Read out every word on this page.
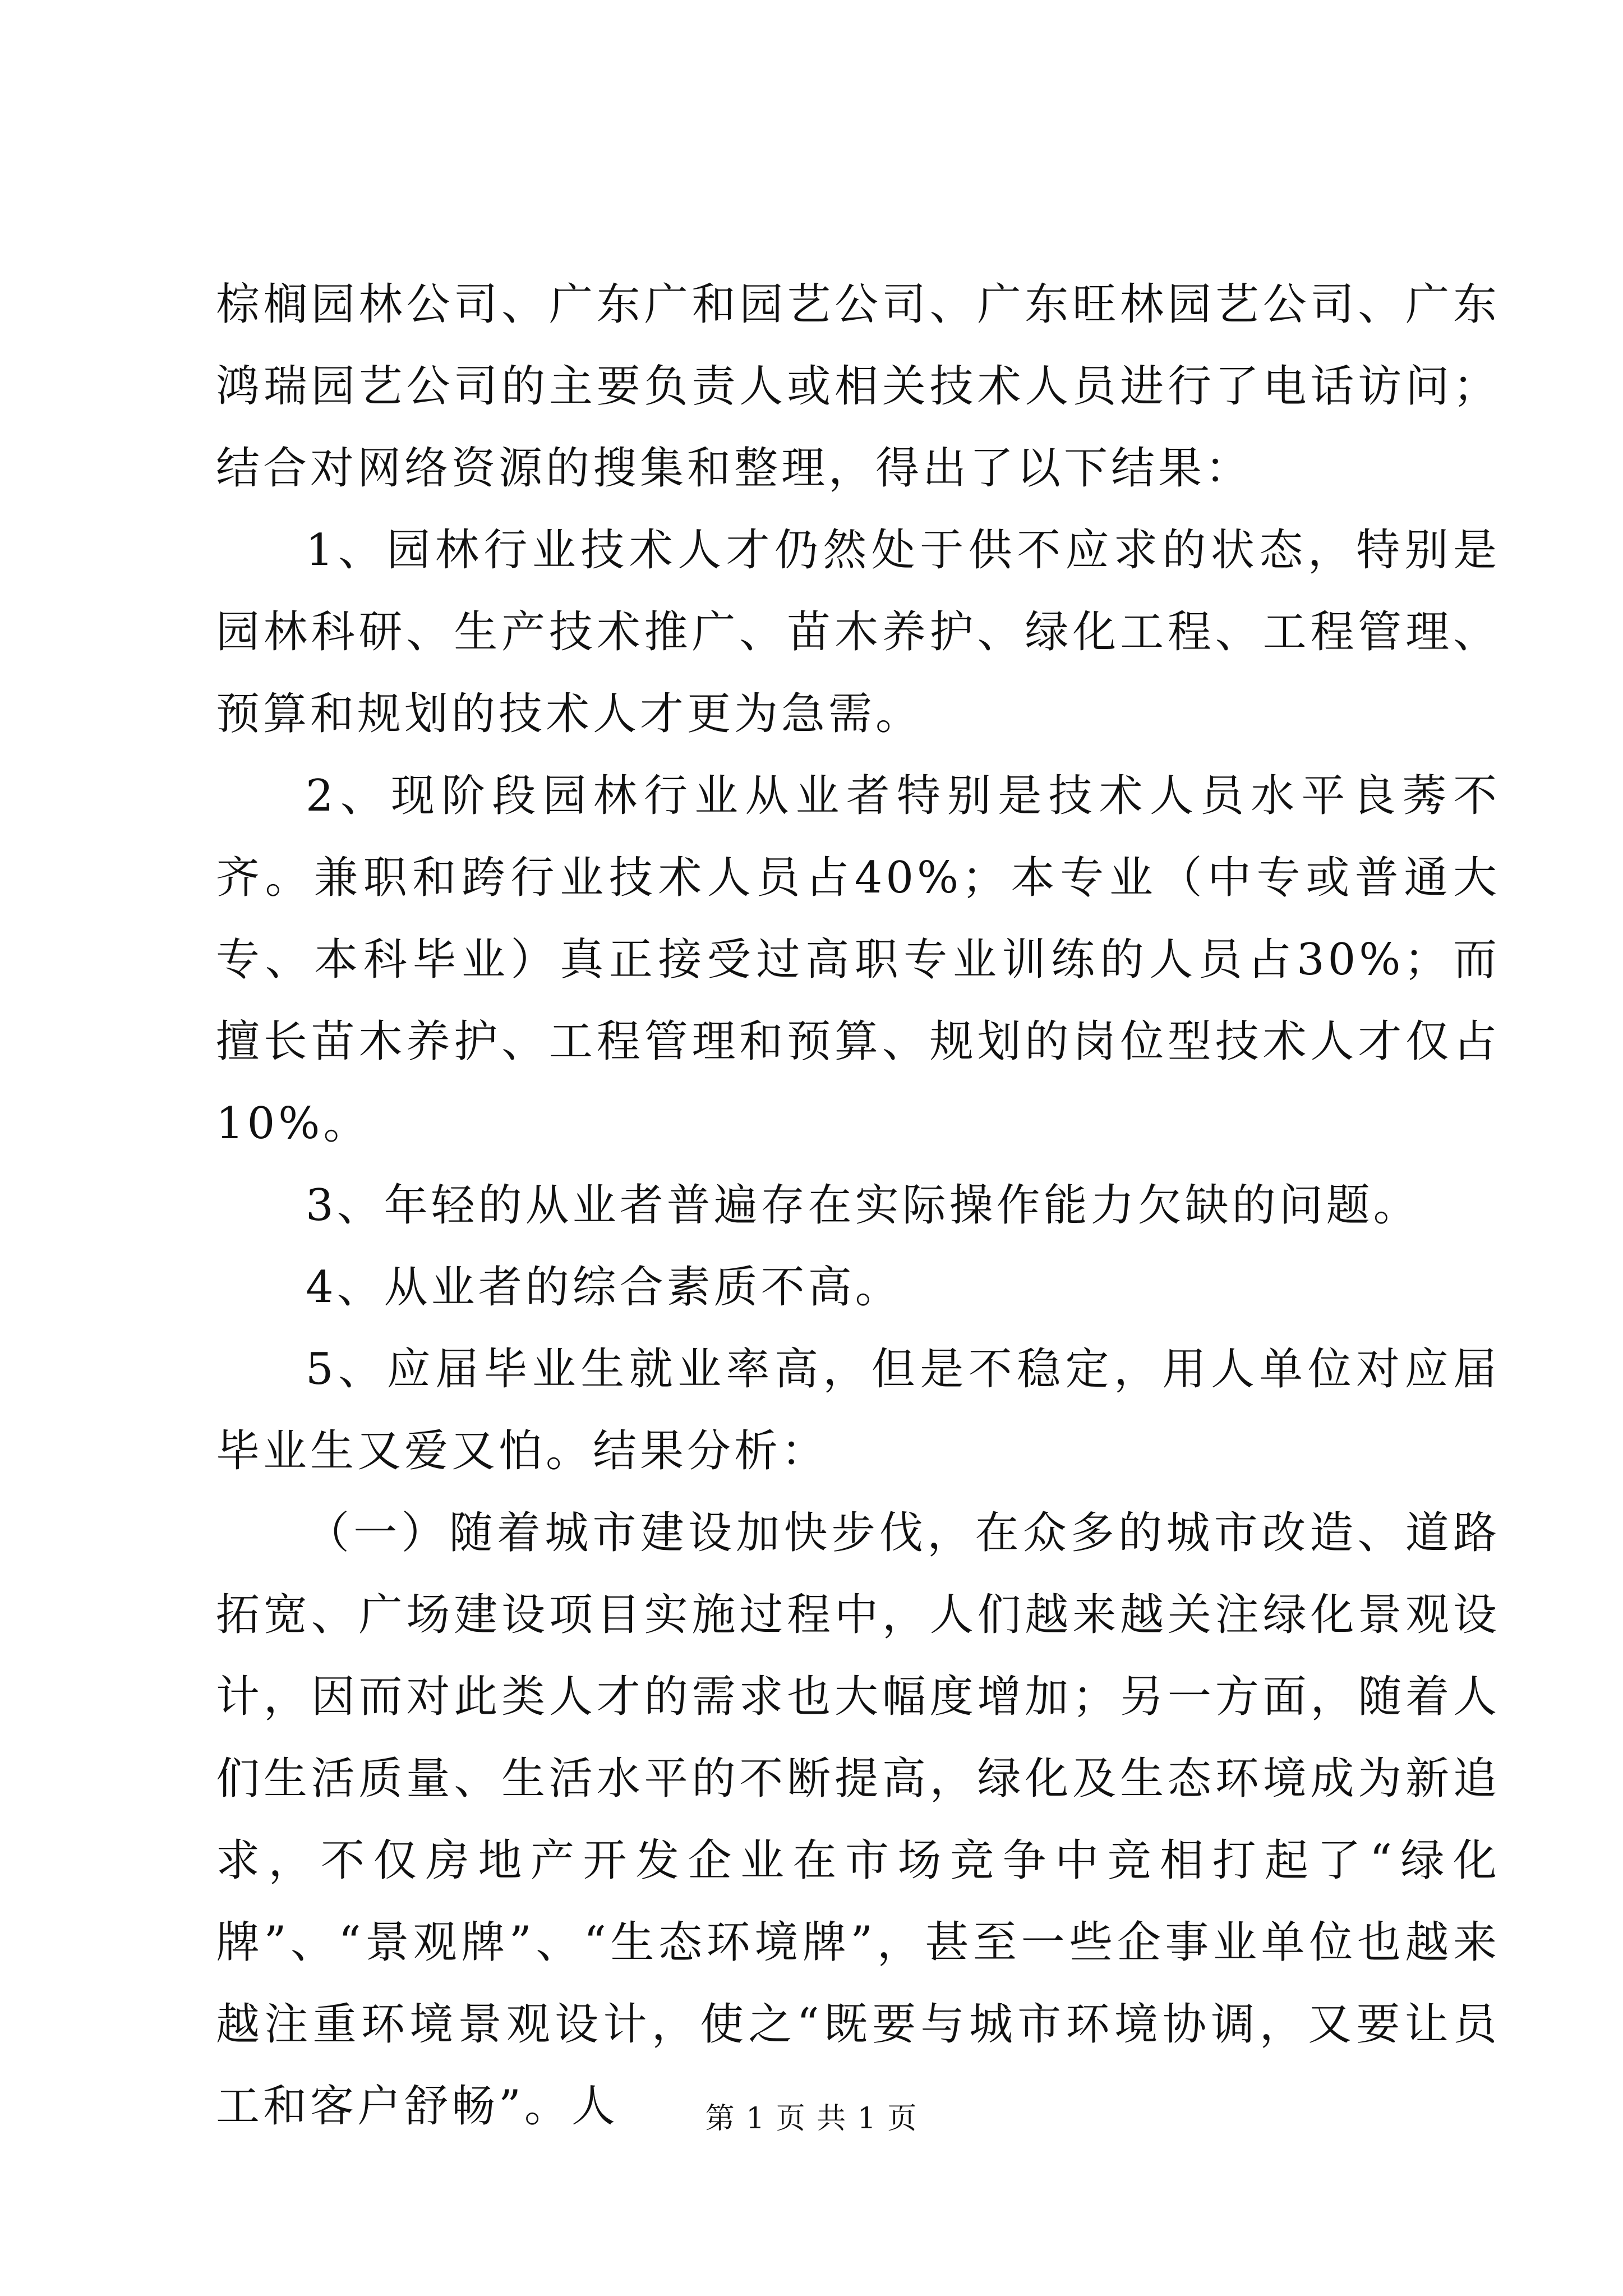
棕榈园林公司、广东广和园艺公司、广东旺林园艺公司、广东鸿瑞园艺公司的主要负责人或相关技术人员进行了电话访问；结合对网络资源的搜集和整理，得出了以下结果：

1、园林行业技术人才仍然处于供不应求的状态，特别是园林科研、生产技术推广、苗木养护、绿化工程、工程管理、预算和规划的技术人才更为急需。

2、现阶段园林行业从业者特别是技术人员水平良莠不齐。兼职和跨行业技术人员占40%；本专业（中专或普通大专、本科毕业）真正接受过高职专业训练的人员占30%；而擅长苗木养护、工程管理和预算、规划的岗位型技术人才仅占10%。

3、年轻的从业者普遍存在实际操作能力欠缺的问题。

4、从业者的综合素质不高。

5、应届毕业生就业率高，但是不稳定，用人单位对应届毕业生又爱又怕。结果分析：

（一）随着城市建设加快步伐，在众多的城市改造、道路拓宽、广场建设项目实施过程中，人们越来越关注绿化景观设计，因而对此类人才的需求也大幅度增加；另一方面，随着人们生活质量、生活水平的不断提高，绿化及生态环境成为新追求，不仅房地产开发企业在市场竞争中竞相打起了“绿化牌”、“景观牌”、“生态环境牌”，甚至一些企事业单位也越来越注重环境景观设计，使之“既要与城市环境协调，又要让员工和客户舒畅”。人	第 1 页 共 1 页
